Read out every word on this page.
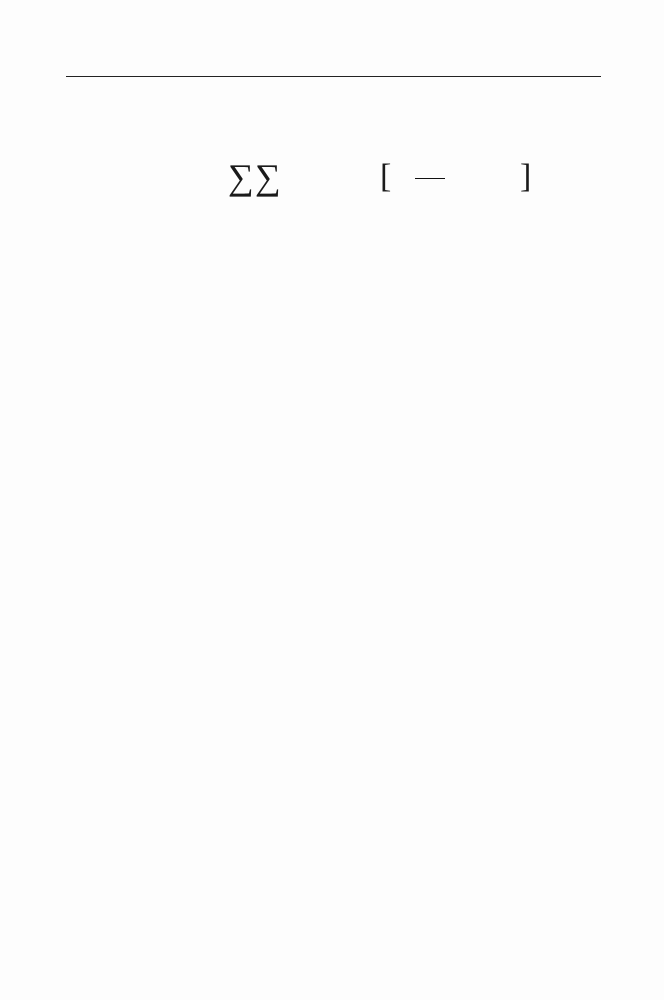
∑ ∑	[	]
